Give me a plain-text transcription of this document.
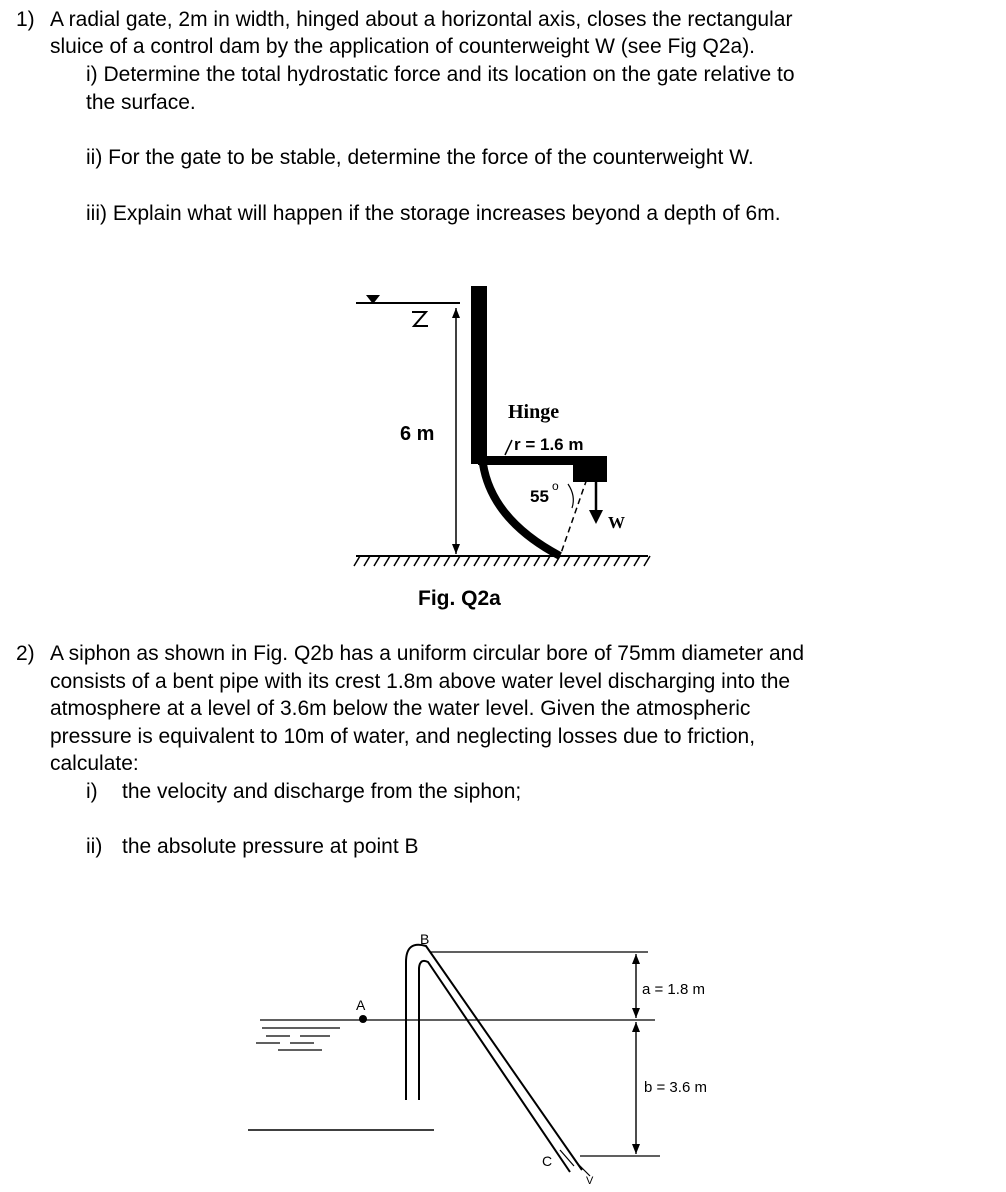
1) A radial gate, 2m in width, hinged about a horizontal axis, closes the rectangular
sluice of a control dam by the application of counterweight W (see Fig Q2a).
i) Determine the total hydrostatic force and its location on the gate relative to
the surface.
ii) For the gate to be stable, determine the force of the counterweight W.
iii) Explain what will happen if the storage increases beyond a depth of 6m.
6 m
Hinge
r = 1.6 m
55
o
W
Fig. Q2a
2) A siphon as shown in Fig. Q2b has a uniform circular bore of 75mm diameter and
consists of a bent pipe with its crest 1.8m above water level discharging into the
atmosphere at a level of 3.6m below the water level. Given the atmospheric
pressure is equivalent to 10m of water, and neglecting losses due to friction,
calculate:
i) the velocity and discharge from the siphon;
ii) the absolute pressure at point B
A
B
C
V
a = 1.8 m
b = 3.6 m
